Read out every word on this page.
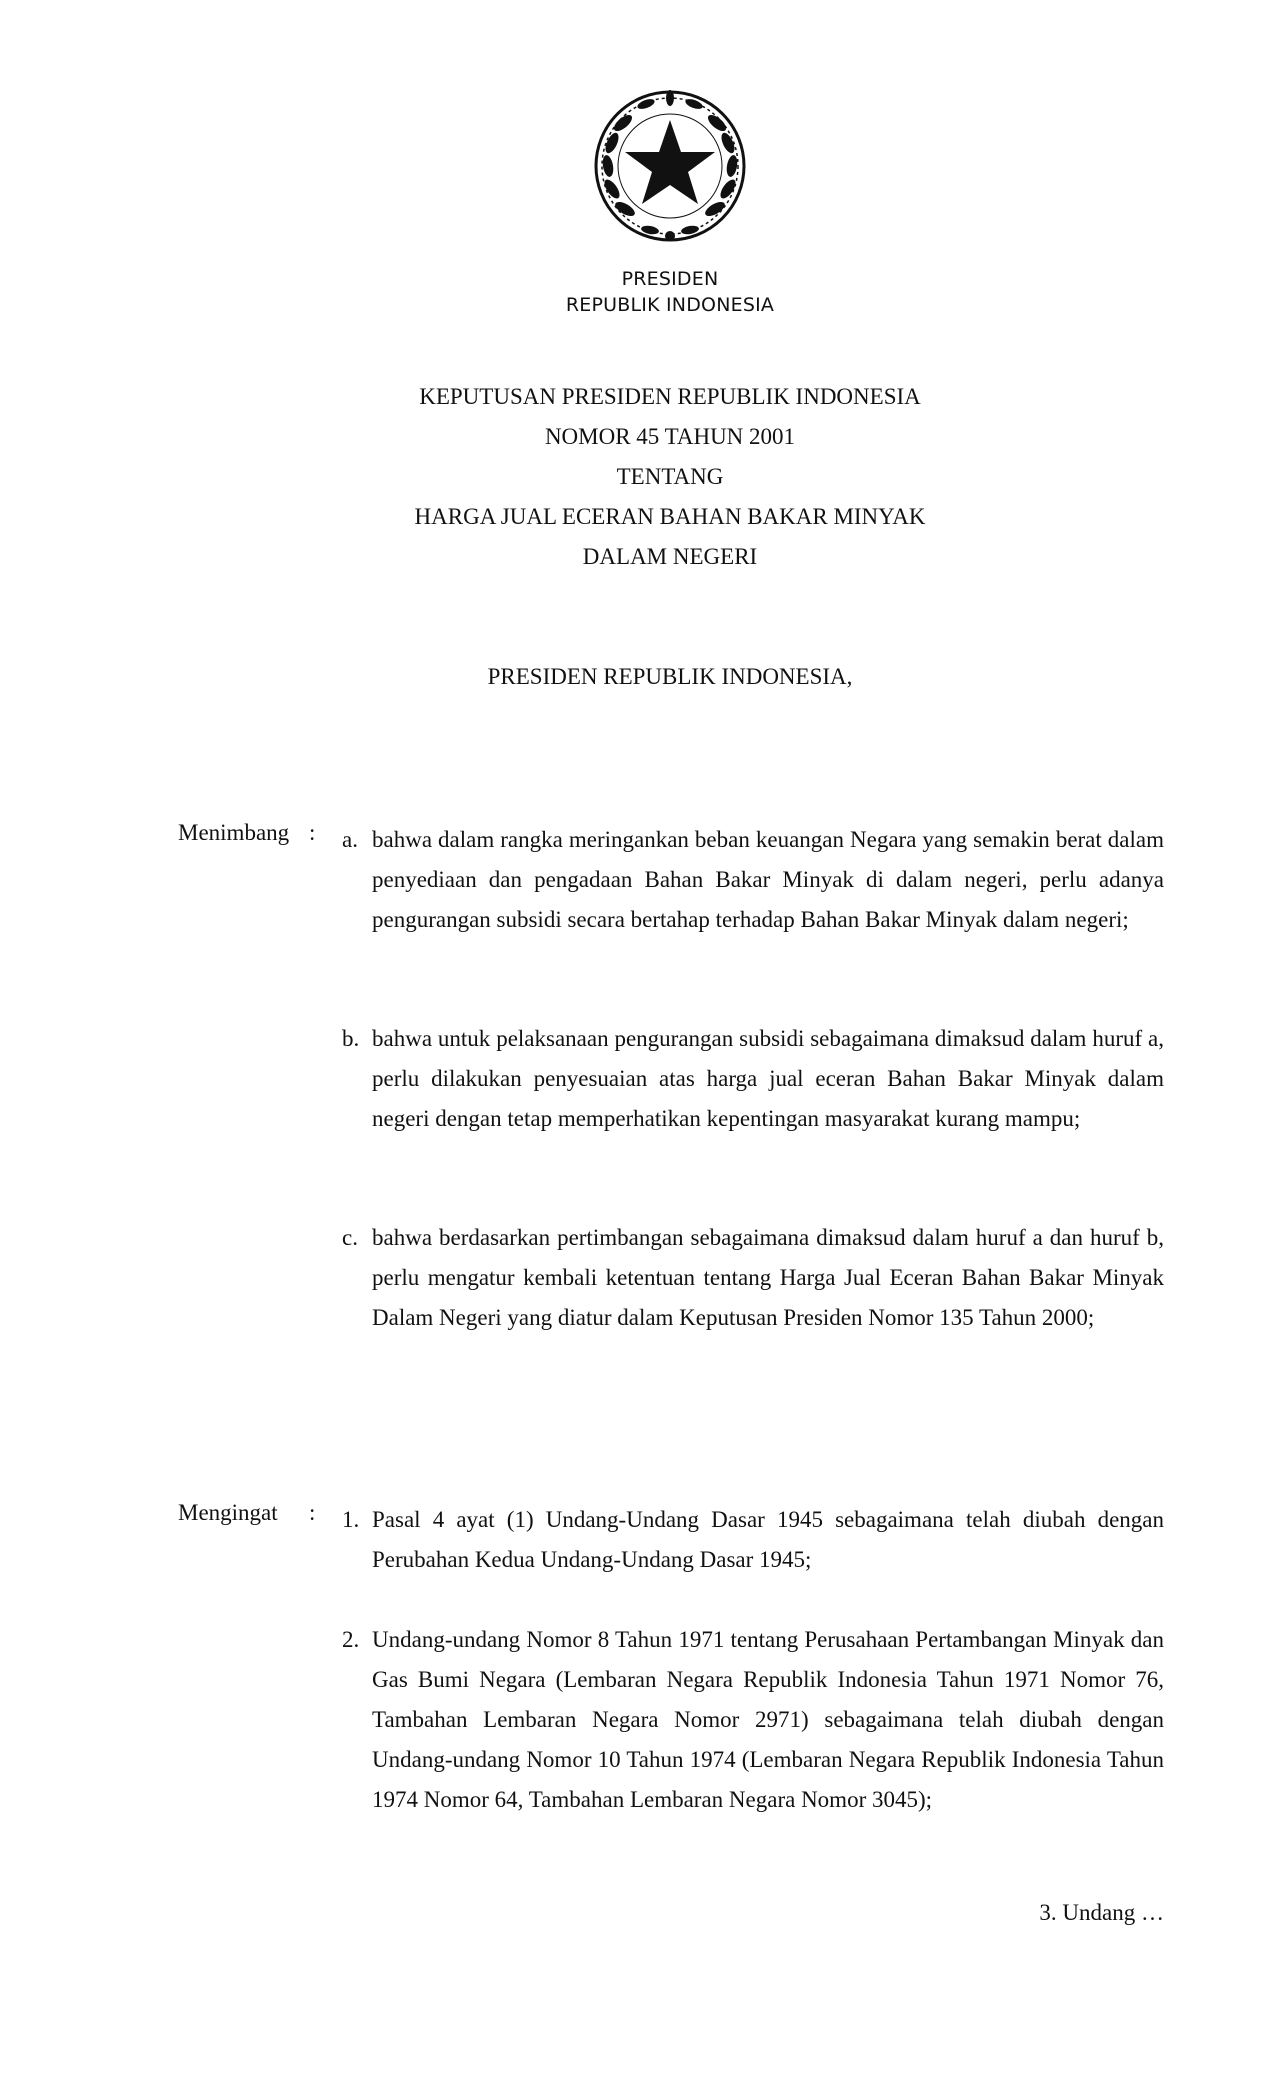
PRESIDEN
REPUBLIK INDONESIA
KEPUTUSAN PRESIDEN REPUBLIK INDONESIA
NOMOR 45 TAHUN 2001
TENTANG
HARGA JUAL ECERAN BAHAN BAKAR MINYAK
DALAM NEGERI
PRESIDEN REPUBLIK INDONESIA,
Menimbang : a. bahwa dalam rangka meringankan beban keuangan Negara yang semakin berat dalam penyediaan dan pengadaan Bahan Bakar Minyak di dalam negeri, perlu adanya pengurangan subsidi secara bertahap terhadap Bahan Bakar Minyak dalam negeri;
b. bahwa untuk pelaksanaan pengurangan subsidi sebagaimana dimaksud dalam huruf a, perlu dilakukan penyesuaian atas harga jual eceran Bahan Bakar Minyak dalam negeri dengan tetap memperhatikan kepentingan masyarakat kurang mampu;
c. bahwa berdasarkan pertimbangan sebagaimana dimaksud dalam huruf a dan huruf b, perlu mengatur kembali ketentuan tentang Harga Jual Eceran Bahan Bakar Minyak Dalam Negeri yang diatur dalam Keputusan Presiden Nomor 135 Tahun 2000;
Mengingat : 1. Pasal 4 ayat (1) Undang-Undang Dasar 1945 sebagaimana telah diubah dengan Perubahan Kedua Undang-Undang Dasar 1945;
2. Undang-undang Nomor 8 Tahun 1971 tentang Perusahaan Pertambangan Minyak dan Gas Bumi Negara (Lembaran Negara Republik Indonesia Tahun 1971 Nomor 76, Tambahan Lembaran Negara Nomor 2971) sebagaimana telah diubah dengan Undang-undang Nomor 10 Tahun 1974 (Lembaran Negara Republik Indonesia Tahun 1974 Nomor 64, Tambahan Lembaran Negara Nomor 3045);
3. Undang …
